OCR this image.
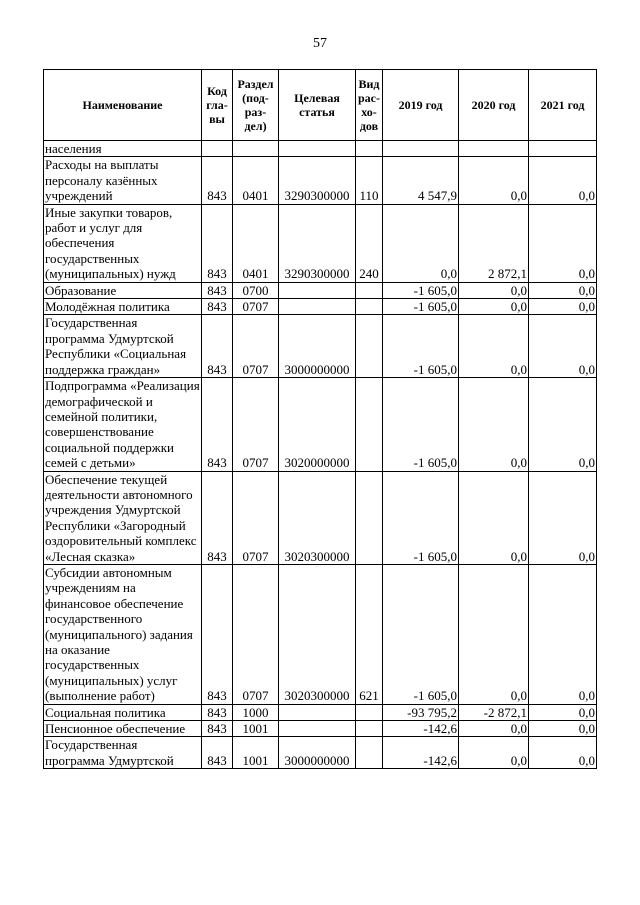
57
Наименование	Код гла-вы	Раздел (под-раз-дел)	Целевая статья	Вид рас-хо-дов	2019 год	2020 год	2021 год
населения							
Расходы на выплаты персоналу казённых учреждений	843	0401	3290300000	110	4 547,9	0,0	0,0
Иные закупки товаров, работ и услуг для обеспечения государственных (муниципальных) нужд	843	0401	3290300000	240	0,0	2 872,1	0,0
Образование	843	0700			-1 605,0	0,0	0,0
Молодёжная политика	843	0707			-1 605,0	0,0	0,0
Государственная программа Удмуртской Республики «Социальная поддержка граждан»	843	0707	3000000000		-1 605,0	0,0	0,0
Подпрограмма «Реализация демографической и семейной политики, совершенствование социальной поддержки семей с детьми»	843	0707	3020000000		-1 605,0	0,0	0,0
Обеспечение текущей деятельности автономного учреждения Удмуртской Республики «Загородный оздоровительный комплекс «Лесная сказка»	843	0707	3020300000		-1 605,0	0,0	0,0
Субсидии автономным учреждениям на финансовое обеспечение государственного (муниципального) задания на оказание государственных (муниципальных) услуг (выполнение работ)	843	0707	3020300000	621	-1 605,0	0,0	0,0
Социальная политика	843	1000			-93 795,2	-2 872,1	0,0
Пенсионное обеспечение	843	1001			-142,6	0,0	0,0
Государственная программа Удмуртской	843	1001	3000000000		-142,6	0,0	0,0
